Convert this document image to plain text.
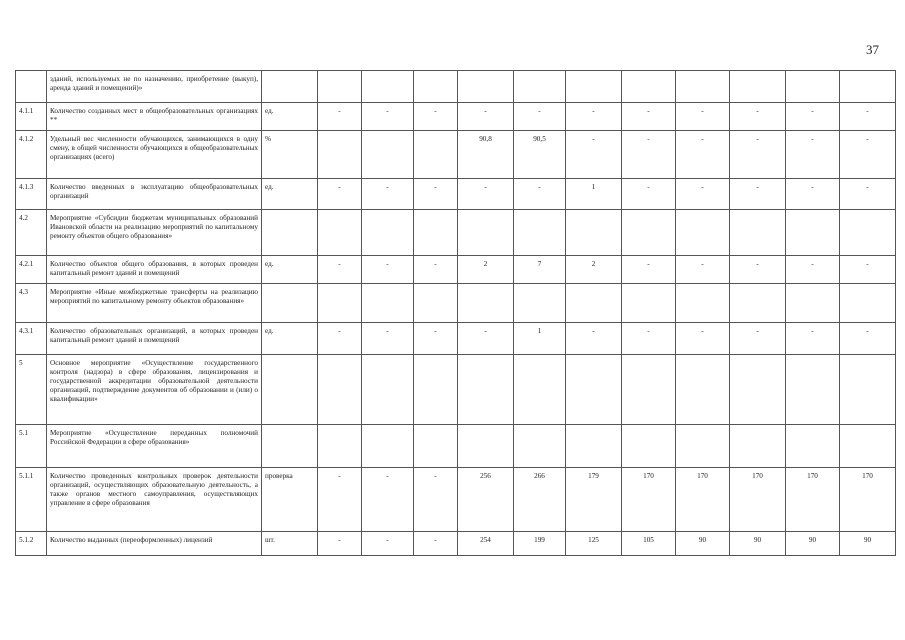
37
	зданий, используемых не по назначению, приобретение (выкуп), аренда зданий и помещений)»													
4.1.1	Количество созданных мест в общеобразовательных организациях **	ед.	-	-	-	-	-	-	-	-	-	-	-	
4.1.2	Удельный вес численности обучающихся, занимающихся в одну смену, в общей численности обучающихся в общеобразовательных организациях (всего)	%				90,8	90,5	-	-	-	-	-	-	
4.1.3	Количество введенных в эксплуатацию общеобразовательных организаций	ед.	-	-	-	-	-	1	-	-	-	-	-	
4.2	Мероприятие «Субсидии бюджетам муниципальных образований Ивановской области на реализацию мероприятий по капитальному ремонту объектов общего образования»													
4.2.1	Количество объектов общего образования, в которых проведен капитальный ремонт зданий и помещений	ед.	-	-	-	2	7	2	-	-	-	-	-	
4.3	Мероприятие «Иные межбюджетные трансферты на реализацию мероприятий по капитальному ремонту объектов образования»													
4.3.1	Количество образовательных организаций, в которых проведен капитальный ремонт зданий и помещений	ед.	-	-	-	-	1	-	-	-	-	-	-	
5	Основное мероприятие «Осуществление государственного контроля (надзора) в сфере образования, лицензирования и государственной аккредитации образовательной деятельности организаций, подтверждение документов об образовании и (или) о квалификации»													
5.1	Мероприятие «Осуществление переданных полномочий Российской Федерации в сфере образования»													
5.1.1	Количество проведенных контрольных проверок деятельности организаций, осуществляющих образовательную деятельность, а также органов местного самоуправления, осуществляющих управление в сфере образования	проверка	-	-	-	256	266	179	170	170	170	170	170	
5.1.2	Количество выданных (переоформленных) лицензий	шт.	-	-	-	254	199	125	105	90	90	90	90	
